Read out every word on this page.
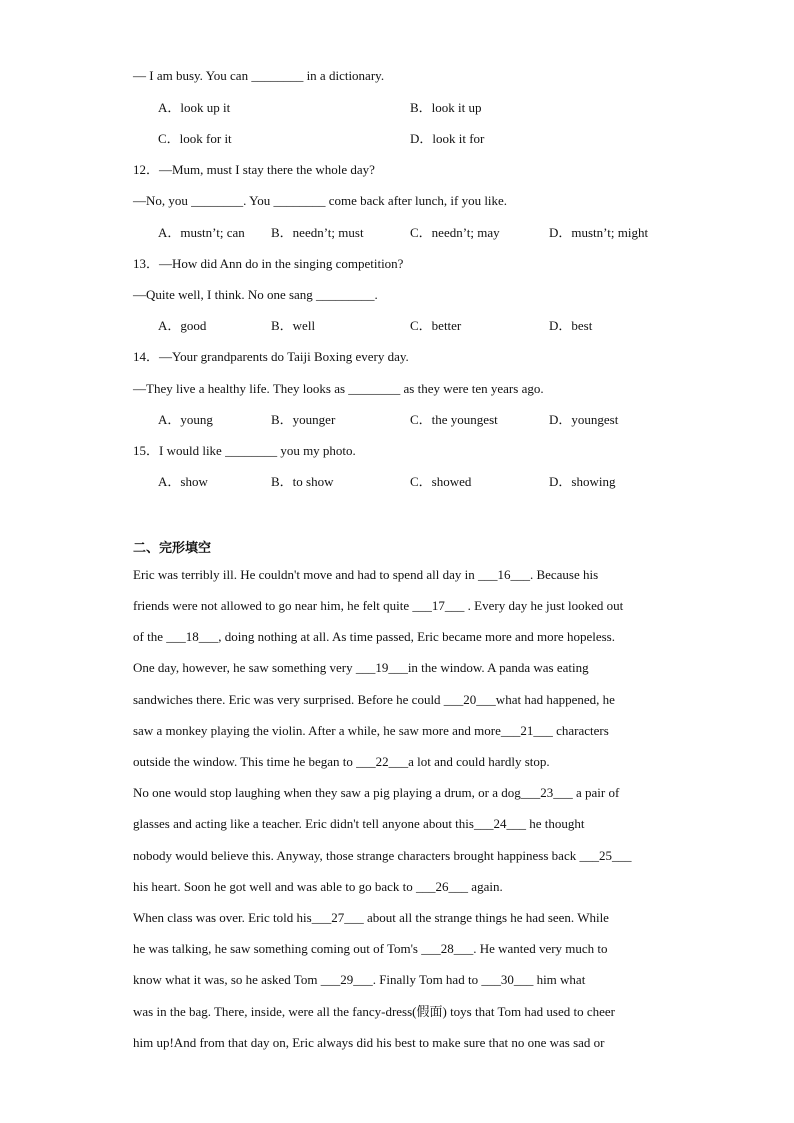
— I am busy. You can ________ in a dictionary.
A．look up it	B．look it up
C．look for it	D．look it for
12．—Mum, must I stay there the whole day?
—No, you ________. You ________ come back after lunch, if you like.
A．mustn’t; can B．needn’t; must	C．needn’t; may	D．mustn’t; might
13．—How did Ann do in the singing competition?
—Quite well, I think. No one sang _________.
A．good	B．well	C．better	D．best
14．—Your grandparents do Taiji Boxing every day.
—They live a healthy life. They looks as ________ as they were ten years ago.
A．young	B．younger	C．the youngest	D．youngest
15．I would like ________ you my photo.
A．show	B．to show	C．showed	D．showing
二、完形填空
Eric was terribly ill. He couldn't move and had to spend all day in ___16___. Because his
friends were not allowed to go near him, he felt quite ___17___ . Every day he just looked out
of the ___18___, doing nothing at all. As time passed, Eric became more and more hopeless.
One day, however, he saw something very ___19___in the window. A panda was eating
sandwiches there. Eric was very surprised. Before he could ___20___what had happened, he
saw a monkey playing the violin. After a while, he saw more and more___21___ characters
outside the window. This time he began to ___22___a lot and could hardly stop.
No one would stop laughing when they saw a pig playing a drum, or a dog___23___ a pair of
glasses and acting like a teacher. Eric didn't tell anyone about this___24___ he thought
nobody would believe this. Anyway, those strange characters brought happiness back ___25___
his heart. Soon he got well and was able to go back to ___26___ again.
When class was over. Eric told his___27___ about all the strange things he had seen. While
he was talking, he saw something coming out of Tom's ___28___. He wanted very much to
know what it was, so he asked Tom ___29___. Finally Tom had to ___30___ him what
was in the bag. There, inside, were all the fancy-dress(假面) toys that Tom had used to cheer
him up!And from that day on, Eric always did his best to make sure that no one was sad or
